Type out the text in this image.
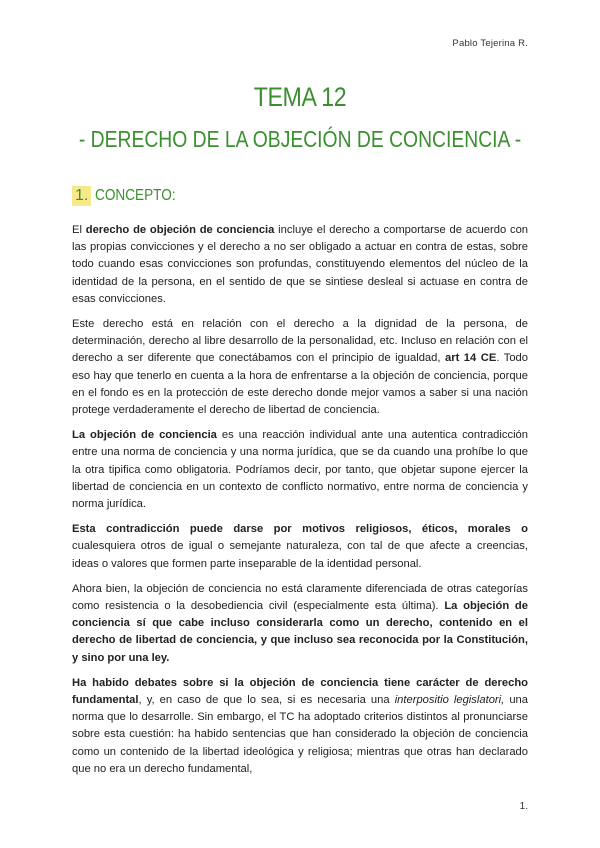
Pablo Tejerina R.
TEMA 12
- DERECHO DE LA OBJECIÓN DE CONCIENCIA -
1. CONCEPTO:

El derecho de objeción de conciencia incluye el derecho a comportarse de acuerdo con las propias convicciones y el derecho a no ser obligado a actuar en contra de estas, sobre todo cuando esas convicciones son profundas, constituyendo elementos del núcleo de la identidad de la persona, en el sentido de que se sintiese desleal si actuase en contra de esas convicciones.

Este derecho está en relación con el derecho a la dignidad de la persona, de determinación, derecho al libre desarrollo de la personalidad, etc. Incluso en relación con el derecho a ser diferente que conectábamos con el principio de igualdad, art 14 CE. Todo eso hay que tenerlo en cuenta a la hora de enfrentarse a la objeción de conciencia, porque en el fondo es en la protección de este derecho donde mejor vamos a saber si una nación protege verdaderamente el derecho de libertad de conciencia.

La objeción de conciencia es una reacción individual ante una autentica contradicción entre una norma de conciencia y una norma jurídica, que se da cuando una prohíbe lo que la otra tipifica como obligatoria. Podríamos decir, por tanto, que objetar supone ejercer la libertad de conciencia en un contexto de conflicto normativo, entre norma de conciencia y norma jurídica.

Esta contradicción puede darse por motivos religiosos, éticos, morales o cualesquiera otros de igual o semejante naturaleza, con tal de que afecte a creencias, ideas o valores que formen parte inseparable de la identidad personal.

Ahora bien, la objeción de conciencia no está claramente diferenciada de otras categorías como resistencia o la desobediencia civil (especialmente esta última). La objeción de conciencia sí que cabe incluso considerarla como un derecho, contenido en el derecho de libertad de conciencia, y que incluso sea reconocida por la Constitución, y sino por una ley.

Ha habido debates sobre si la objeción de conciencia tiene carácter de derecho fundamental, y, en caso de que lo sea, si es necesaria una interpositio legislatori, una norma que lo desarrolle. Sin embargo, el TC ha adoptado criterios distintos al pronunciarse sobre esta cuestión: ha habido sentencias que han considerado la objeción de conciencia como un contenido de la libertad ideológica y religiosa; mientras que otras han declarado que no era un derecho fundamental,

1.
